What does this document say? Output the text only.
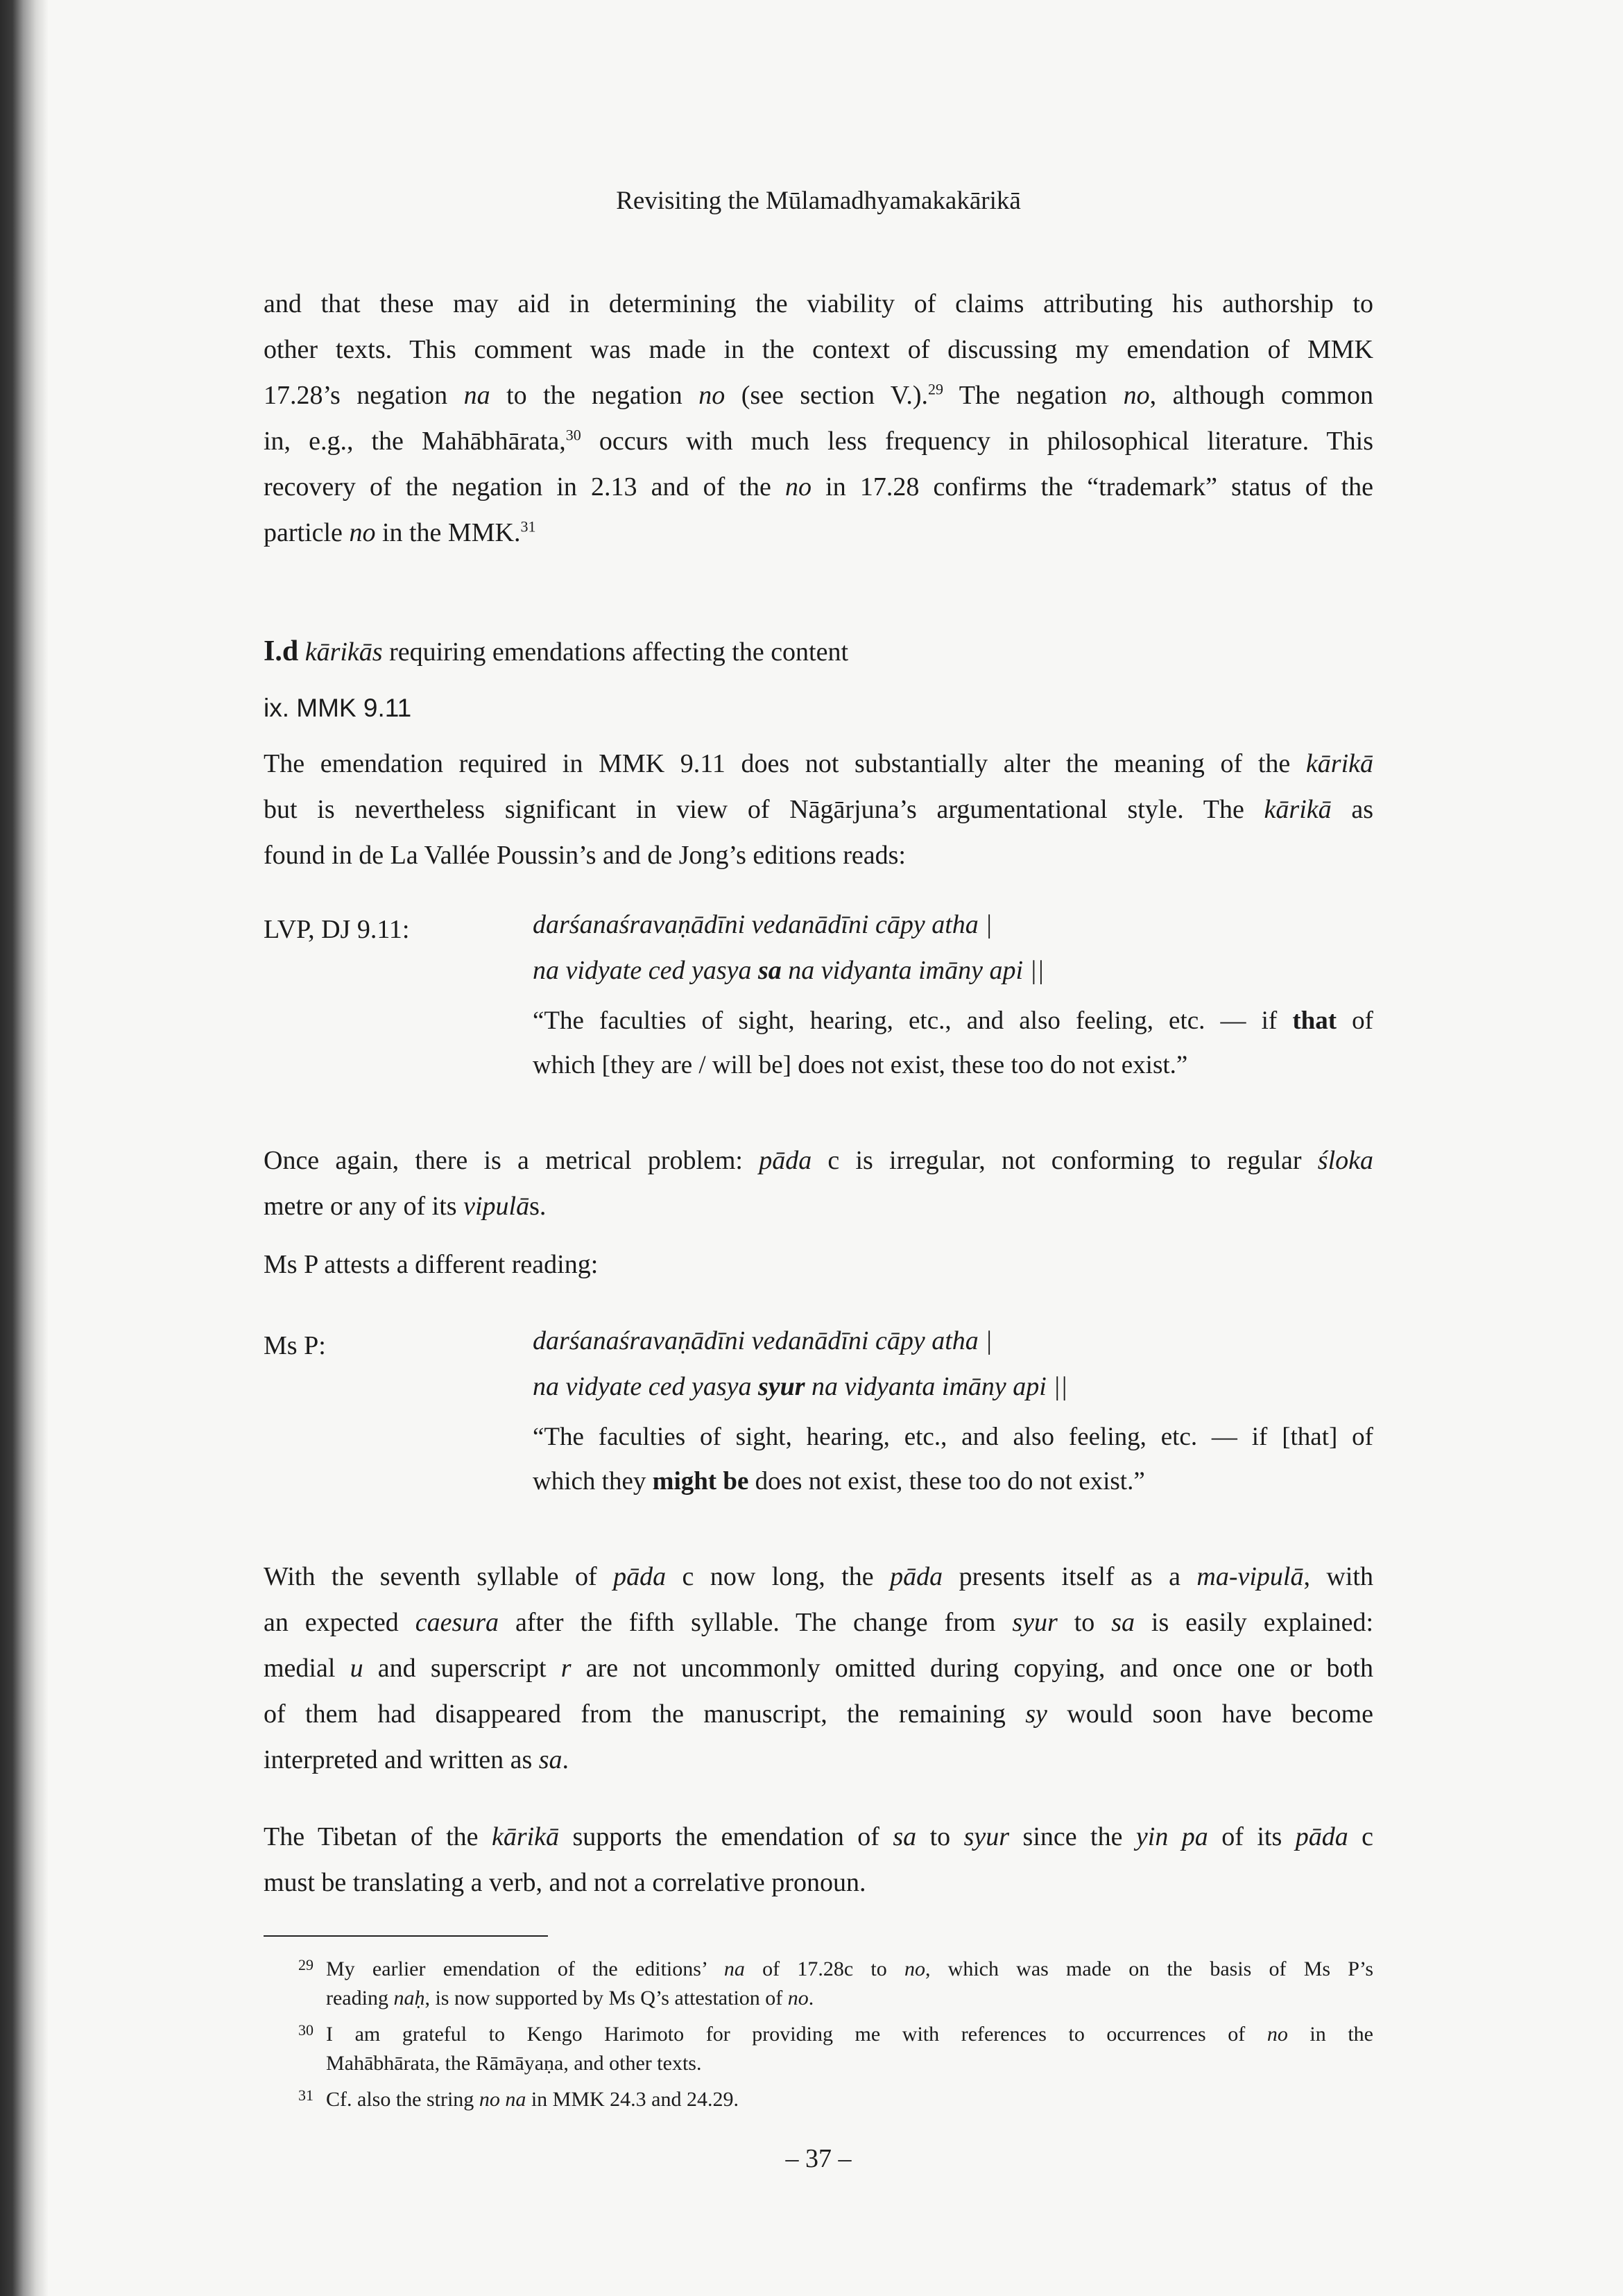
Revisiting the Mūlamadhyamakakārikā
and that these may aid in determining the viability of claims attributing his authorship to
other texts. This comment was made in the context of discussing my emendation of MMK
17.28’s negation na to the negation no (see section V.).$^{29}$ The negation no, although common
in, e.g., the Mahābhārata,$^{30}$ occurs with much less frequency in philosophical literature. This
recovery of the negation in 2.13 and of the no in 17.28 confirms the “trademark” status of the
particle no in the MMK.$^{31}$
I.d kārikās requiring emendations affecting the content
ix. MMK 9.11
The emendation required in MMK 9.11 does not substantially alter the meaning of the kārikā
but is nevertheless significant in view of Nāgārjuna’s argumentational style. The kārikā as
found in de La Vallée Poussin’s and de Jong’s editions reads:
LVP, DJ 9.11:	darśanaśravaṇādīni vedanādīni cāpy atha |
na vidyate ced yasya sa na vidyanta imāny api ||
“The faculties of sight, hearing, etc., and also feeling, etc. — if that of
which [they are / will be] does not exist, these too do not exist.”
Once again, there is a metrical problem: pāda c is irregular, not conforming to regular śloka
metre or any of its vipulās.
Ms P attests a different reading:
Ms P:	darśanaśravaṇādīni vedanādīni cāpy atha |
na vidyate ced yasya syur na vidyanta imāny api ||
“The faculties of sight, hearing, etc., and also feeling, etc. — if [that] of
which they might be does not exist, these too do not exist.”
With the seventh syllable of pāda c now long, the pāda presents itself as a ma-vipulā, with
an expected caesura after the fifth syllable. The change from syur to sa is easily explained:
medial u and superscript r are not uncommonly omitted during copying, and once one or both
of them had disappeared from the manuscript, the remaining sy would soon have become
interpreted and written as sa.
The Tibetan of the kārikā supports the emendation of sa to syur since the yin pa of its pāda c
must be translating a verb, and not a correlative pronoun.
29 My earlier emendation of the editions’ na of 17.28c to no, which was made on the basis of Ms P’s
reading naḥ, is now supported by Ms Q’s attestation of no.
30 I am grateful to Kengo Harimoto for providing me with references to occurrences of no in the
Mahābhārata, the Rāmāyaṇa, and other texts.
31 Cf. also the string no na in MMK 24.3 and 24.29.
– 37 –
